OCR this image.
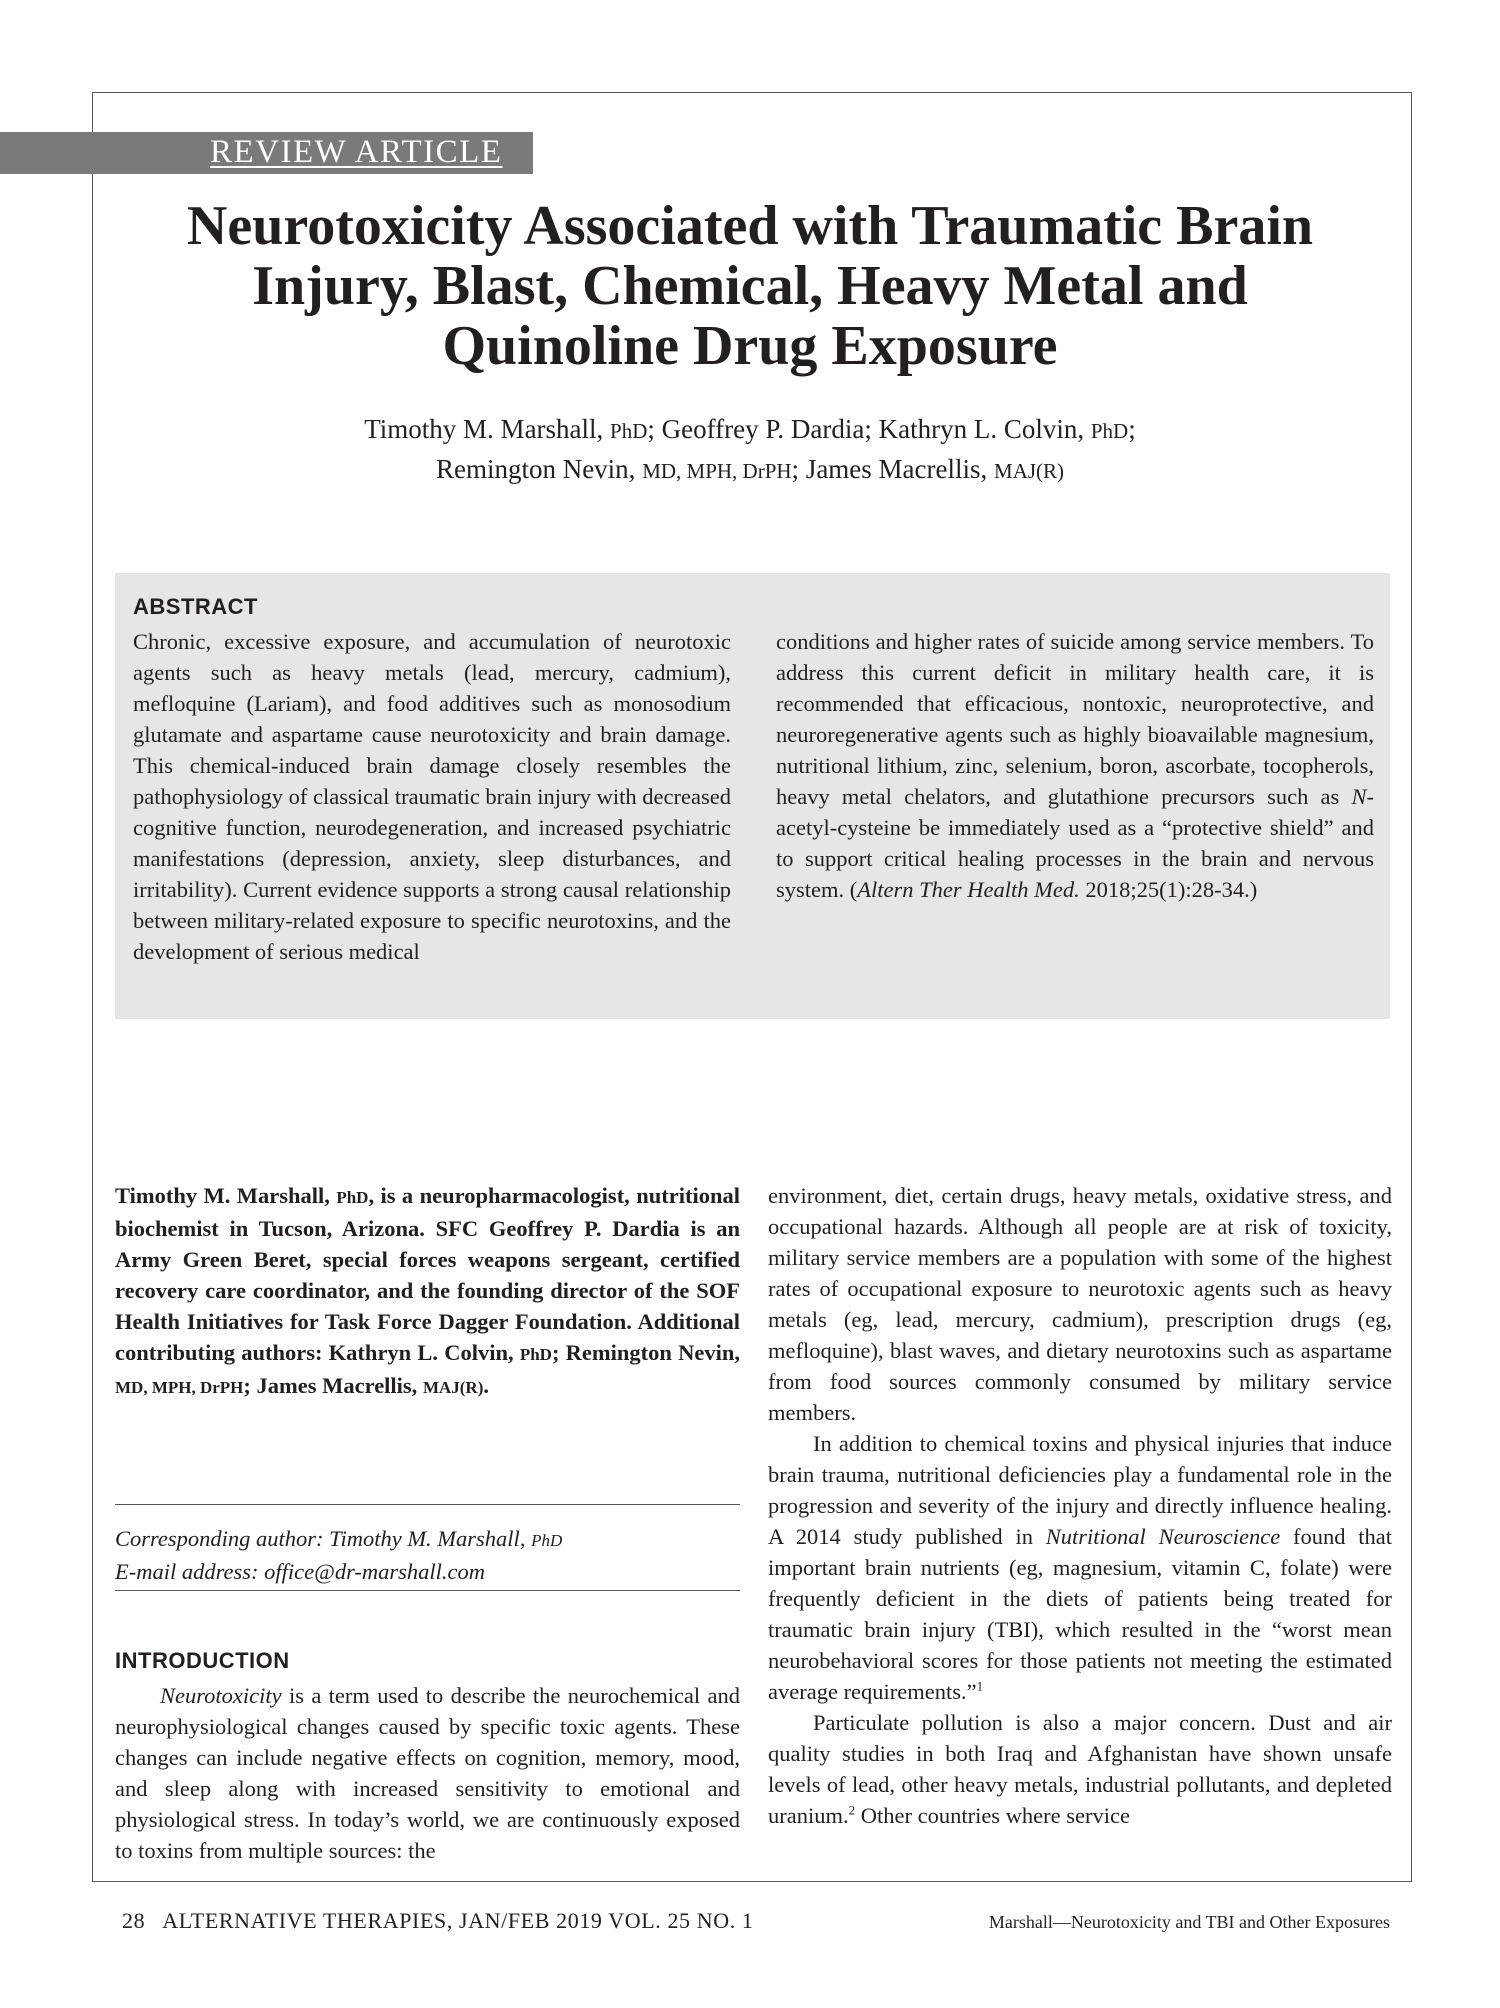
REVIEW ARTICLE
Neurotoxicity Associated with Traumatic Brain
Injury, Blast, Chemical, Heavy Metal and
Quinoline Drug Exposure
Timothy M. Marshall, PhD; Geoffrey P. Dardia; Kathryn L. Colvin, PhD;
Remington Nevin, MD, MPH, DrPH; James Macrellis, MAJ(R)
ABSTRACT

Chronic, excessive exposure, and accumulation of neurotoxic agents such as heavy metals (lead, mercury, cadmium), mefloquine (Lariam), and food additives such as monosodium glutamate and aspartame cause neurotoxicity and brain damage. This chemical-induced brain damage closely resembles the pathophysiology of classical traumatic brain injury with decreased cognitive function, neurodegeneration, and increased psychiatric manifestations (depression, anxiety, sleep disturbances, and irritability). Current evidence supports a strong causal relationship between military-related exposure to specific neurotoxins, and the development of serious medical

conditions and higher rates of suicide among service members. To address this current deficit in military health care, it is recommended that efficacious, nontoxic, neuroprotective, and neuroregenerative agents such as highly bioavailable magnesium, nutritional lithium, zinc, selenium, boron, ascorbate, tocopherols, heavy metal chelators, and glutathione precursors such as N-acetyl-cysteine be immediately used as a “protective shield” and to support critical healing processes in the brain and nervous system. (Altern Ther Health Med. 2018;25(1):28-34.)

Timothy M. Marshall, PhD, is a neuropharmacologist, nutritional biochemist in Tucson, Arizona. SFC Geoffrey P. Dardia is an Army Green Beret, special forces weapons sergeant, certified recovery care coordinator, and the founding director of the SOF Health Initiatives for Task Force Dagger Foundation. Additional contributing authors: Kathryn L. Colvin, PhD; Remington Nevin, MD, MPH, DrPH; James Macrellis, MAJ(R).

Corresponding author: Timothy M. Marshall, PhD

E-mail address: office@dr-marshall.com

INTRODUCTION

Neurotoxicity is a term used to describe the neurochemical and neurophysiological changes caused by specific toxic agents. These changes can include negative effects on cognition, memory, mood, and sleep along with increased sensitivity to emotional and physiological stress. In today’s world, we are continuously exposed to toxins from multiple sources: the

environment, diet, certain drugs, heavy metals, oxidative stress, and occupational hazards. Although all people are at risk of toxicity, military service members are a population with some of the highest rates of occupational exposure to neurotoxic agents such as heavy metals (eg, lead, mercury, cadmium), prescription drugs (eg, mefloquine), blast waves, and dietary neurotoxins such as aspartame from food sources commonly consumed by military service members.

In addition to chemical toxins and physical injuries that induce brain trauma, nutritional deficiencies play a fundamental role in the progression and severity of the injury and directly influence healing. A 2014 study published in Nutritional Neuroscience found that important brain nutrients (eg, magnesium, vitamin C, folate) were frequently deficient in the diets of patients being treated for traumatic brain injury (TBI), which resulted in the “worst mean neurobehavioral scores for those patients not meeting the estimated average requirements.”$^1$

Particulate pollution is also a major concern. Dust and air quality studies in both Iraq and Afghanistan have shown unsafe levels of lead, other heavy metals, industrial pollutants, and depleted uranium.$^2$ Other countries where service

28   ALTERNATIVE THERAPIES, JAN/FEB 2019 VOL. 25 NO. 1	Marshall—Neurotoxicity and TBI and Other Exposures
